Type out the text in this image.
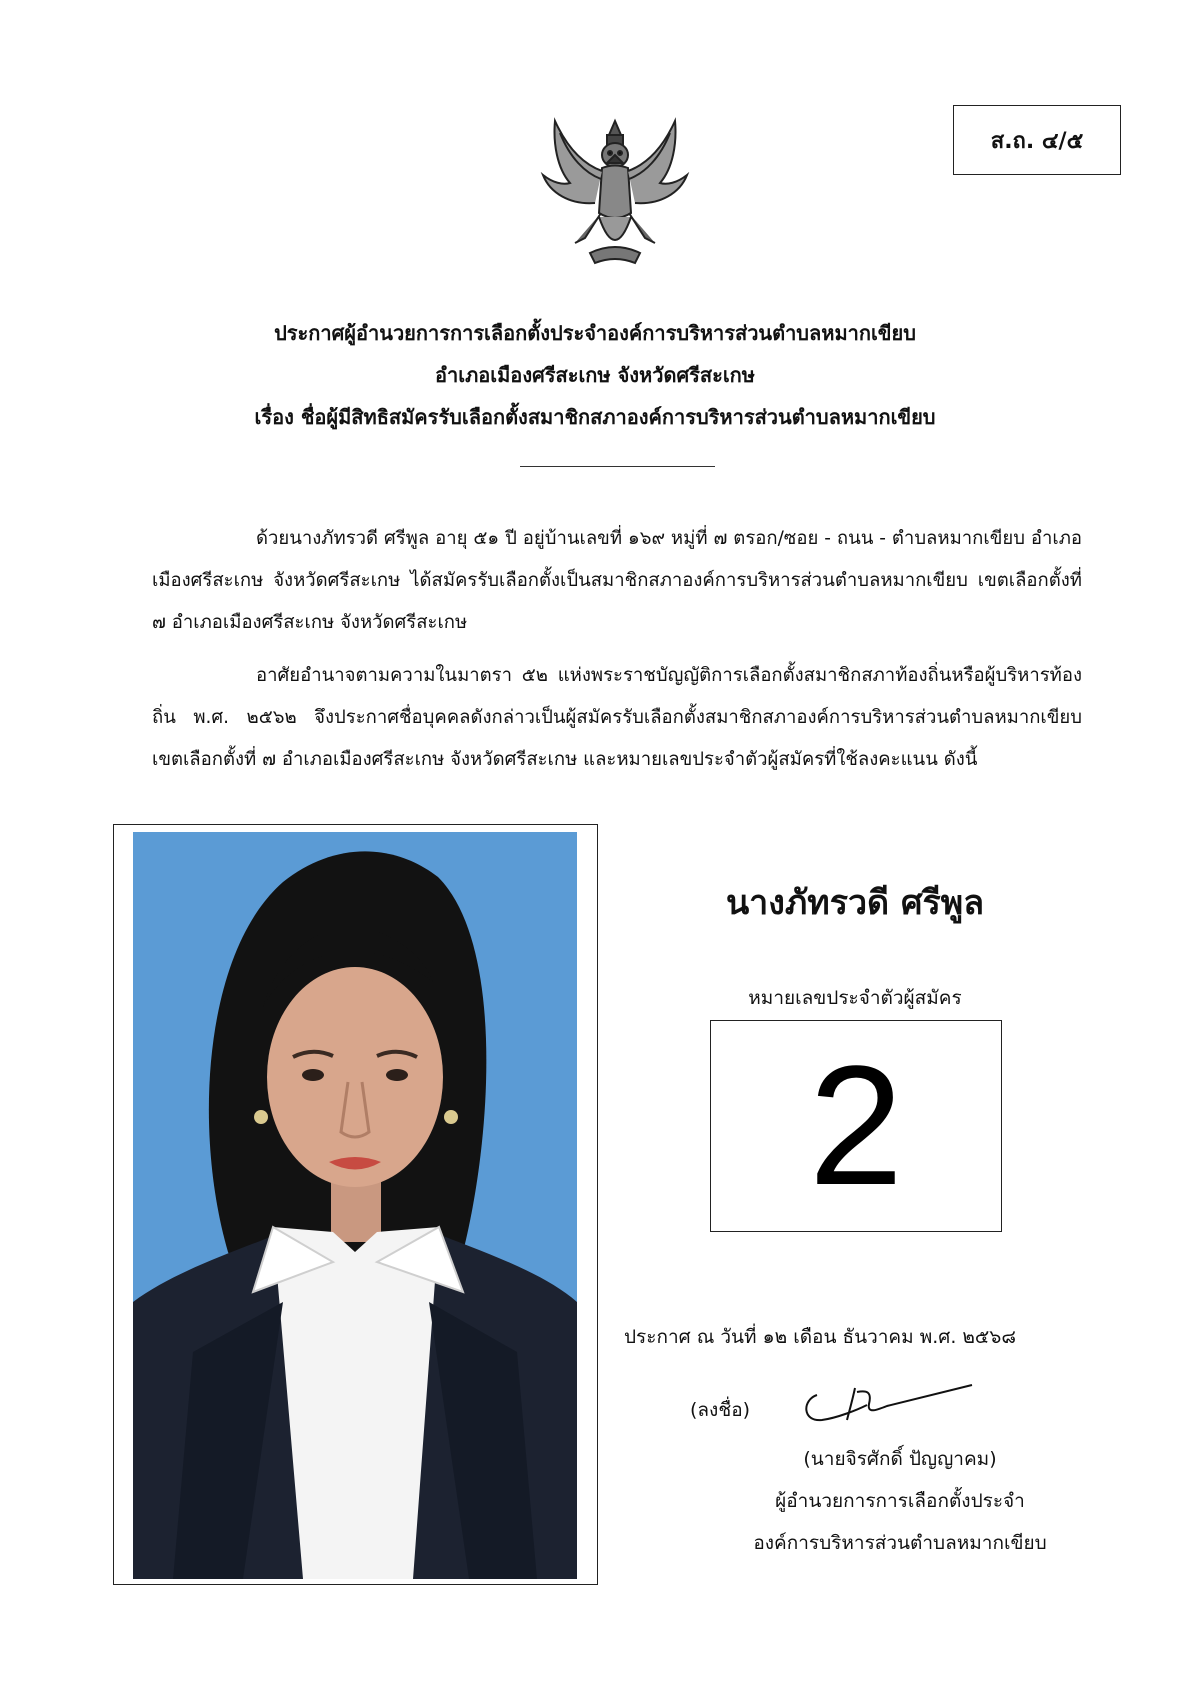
ส.ถ. ๔/๕
ประกาศผู้อำนวยการการเลือกตั้งประจำองค์การบริหารส่วนตำบลหมากเขียบ
อำเภอเมืองศรีสะเกษ จังหวัดศรีสะเกษ
เรื่อง ชื่อผู้มีสิทธิสมัครรับเลือกตั้งสมาชิกสภาองค์การบริหารส่วนตำบลหมากเขียบ

ด้วยนางภัทรวดี ศรีพูล อายุ ๕๑ ปี อยู่บ้านเลขที่ ๑๖๙ หมู่ที่ ๗ ตรอก/ซอย - ถนน - ตำบลหมากเขียบ อำเภอเมืองศรีสะเกษ จังหวัดศรีสะเกษ ได้สมัครรับเลือกตั้งเป็นสมาชิกสภาองค์การบริหารส่วนตำบลหมากเขียบ เขตเลือกตั้งที่ ๗ อำเภอเมืองศรีสะเกษ จังหวัดศรีสะเกษ

อาศัยอำนาจตามความในมาตรา ๕๒ แห่งพระราชบัญญัติการเลือกตั้งสมาชิกสภาท้องถิ่นหรือผู้บริหารท้องถิ่น พ.ศ. ๒๕๖๒ จึงประกาศชื่อบุคคลดังกล่าวเป็นผู้สมัครรับเลือกตั้งสมาชิกสภาองค์การบริหารส่วนตำบลหมากเขียบ เขตเลือกตั้งที่ ๗ อำเภอเมืองศรีสะเกษ จังหวัดศรีสะเกษ และหมายเลขประจำตัวผู้สมัครที่ใช้ลงคะแนน ดังนี้

นางภัทรวดี ศรีพูล
หมายเลขประจำตัวผู้สมัคร
2
ประกาศ ณ วันที่ ๑๒ เดือน ธันวาคม พ.ศ. ๒๕๖๘
(ลงชื่อ)
(นายจิรศักดิ์ ปัญญาคม)
ผู้อำนวยการการเลือกตั้งประจำ
องค์การบริหารส่วนตำบลหมากเขียบ
